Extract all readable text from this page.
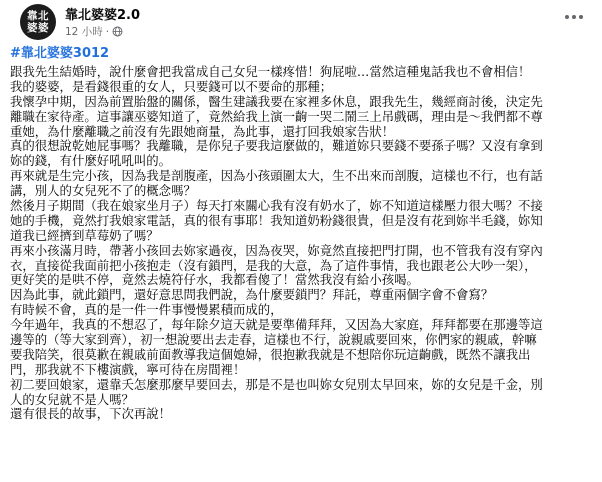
靠北
婆婆
靠北婆婆2.0
12 小時 ·
#靠北婆婆3012
跟我先生結婚時，說什麼會把我當成自己女兒一樣疼惜！狗屁啦…當然這種鬼話我也不會相信！
我的婆婆，是看錢很重的女人，只要錢可以不要命的那種；
我懷孕中期，因為前置胎盤的關係，醫生建議我要在家裡多休息，跟我先生，幾經商討後，決定先
離職在家待產。這事讓巫婆知道了，竟然給我上演一齣一哭二鬧三上吊戲碼，理由是～我們都不尊
重她，為什麼離職之前沒有先跟她商量，為此事，還打回我娘家告狀！
真的很想說乾她屁事嗎？我離職，是你兒子要我這麼做的，難道妳只要錢不要孫子嗎？又沒有拿到
妳的錢，有什麼好吼吼叫的。
再來就是生完小孩，因為我是剖腹產，因為小孩頭圍太大，生不出來而剖腹，這樣也不行，也有話
講，別人的女兒死不了的概念嗎？
然後月子期間（我在娘家坐月子）每天打來關心我有沒有奶水了，妳不知道這樣壓力很大嗎？不接
她的手機，竟然打我娘家電話，真的很有事耶！我知道奶粉錢很貴，但是沒有花到妳半毛錢，妳知
道我已經擠到草莓奶了嗎？
再來小孩滿月時，帶著小孩回去妳家過夜，因為夜哭，妳竟然直接把門打開，也不管我有沒有穿內
衣，直接從我面前把小孩抱走（沒有鎖門，是我的大意，為了這件事情，我也跟老公大吵一架），
更好笑的是哄不停，竟然去燒符仔水，我都看傻了！當然我沒有給小孩喝。
因為此事，就此鎖門，還好意思問我們說，為什麼要鎖門？拜託，尊重兩個字會不會寫？
有時候不會，真的是一件一件事慢慢累積而成的，
今年過年，我真的不想忍了，每年除夕這天就是要準備拜拜，又因為大家庭，拜拜都要在那邊等這
邊等的（等大家到齊），初一想說要出去走春，這樣也不行，說親戚要回來，你們家的親戚，幹嘛
要我陪笑，很莫歉在親戚前面教導我這個媳婦，很抱歉我就是不想陪你玩這齣戲，既然不讓我出
門，那我就不下樓演戲，寧可待在房間裡！
初二要回娘家，還靠夭怎麼那麼早要回去，那是不是也叫妳女兒別太早回來，妳的女兒是千金，別
人的女兒就不是人嗎？
還有很長的故事，下次再說！
